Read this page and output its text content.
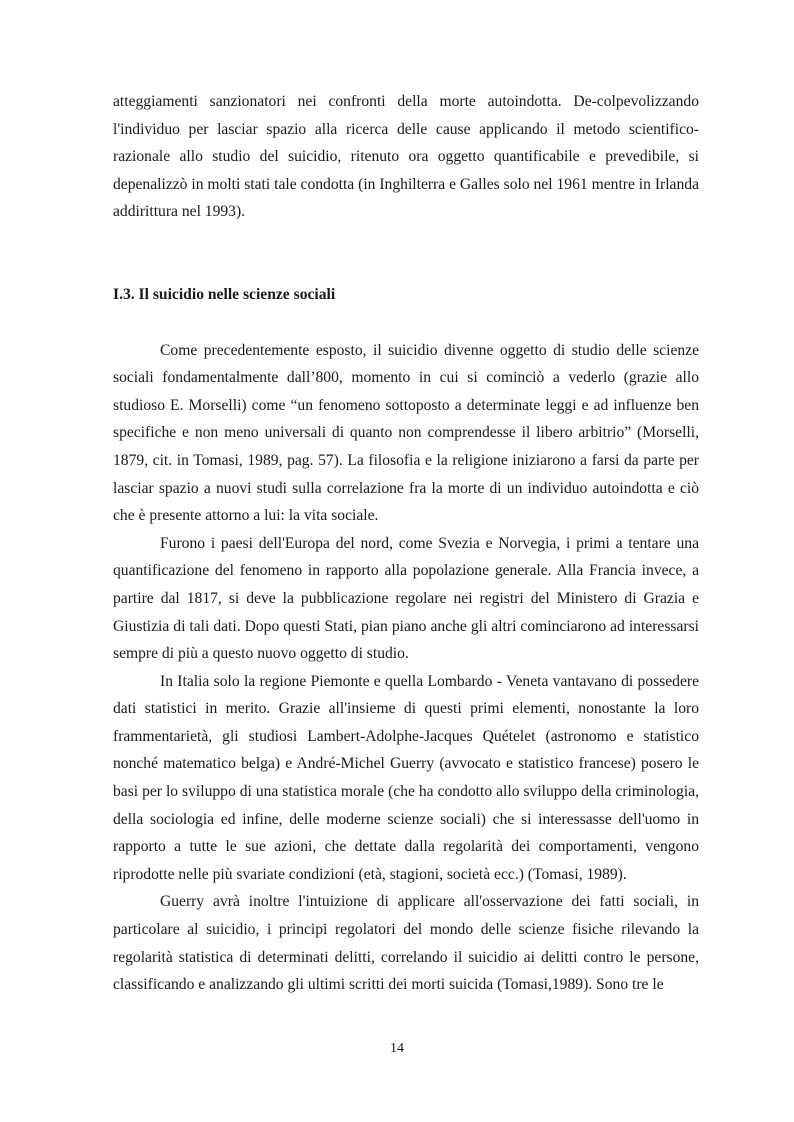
atteggiamenti sanzionatori nei confronti della morte autoindotta. De-colpevolizzando l'individuo per lasciar spazio alla ricerca delle cause applicando il metodo scientifico-razionale allo studio del suicidio, ritenuto ora oggetto quantificabile e prevedibile, si depenalizzò in molti stati tale condotta (in Inghilterra e Galles solo nel 1961 mentre in Irlanda addirittura nel 1993).

I.3. Il suicidio nelle scienze sociali

Come precedentemente esposto, il suicidio divenne oggetto di studio delle scienze sociali fondamentalmente dall’800, momento in cui si cominciò a vederlo (grazie allo studioso E. Morselli) come “un fenomeno sottoposto a determinate leggi e ad influenze ben specifiche e non meno universali di quanto non comprendesse il libero arbitrio” (Morselli, 1879, cit. in Tomasi, 1989, pag. 57). La filosofia e la religione iniziarono a farsi da parte per lasciar spazio a nuovi studi sulla correlazione fra la morte di un individuo autoindotta e ciò che è presente attorno a lui: la vita sociale.

Furono i paesi dell'Europa del nord, come Svezia e Norvegia, i primi a tentare una quantificazione del fenomeno in rapporto alla popolazione generale. Alla Francia invece, a partire dal 1817, si deve la pubblicazione regolare nei registri del Ministero di Grazia e Giustizia di tali dati. Dopo questi Stati, pian piano anche gli altri cominciarono ad interessarsi sempre di più a questo nuovo oggetto di studio.

In Italia solo la regione Piemonte e quella Lombardo - Veneta vantavano di possedere dati statistici in merito. Grazie all'insieme di questi primi elementi, nonostante la loro frammentarietà, gli studiosi Lambert-Adolphe-Jacques Quételet (astronomo e statistico nonché matematico belga) e André-Michel Guerry (avvocato e statistico francese) posero le basi per lo sviluppo di una statistica morale (che ha condotto allo sviluppo della criminologia, della sociologia ed infine, delle moderne scienze sociali) che si interessasse dell'uomo in rapporto a tutte le sue azioni, che dettate dalla regolarità dei comportamenti, vengono riprodotte nelle più svariate condizioni (età, stagioni, società ecc.) (Tomasi, 1989).

Guerry avrà inoltre l'intuizione di applicare all'osservazione dei fatti sociali, in particolare al suicidio, i principi regolatori del mondo delle scienze fisiche rilevando la regolarità statistica di determinati delitti, correlando il suicidio ai delitti contro le persone, classificando e analizzando gli ultimi scritti dei morti suicida (Tomasi,1989). Sono tre le

14
